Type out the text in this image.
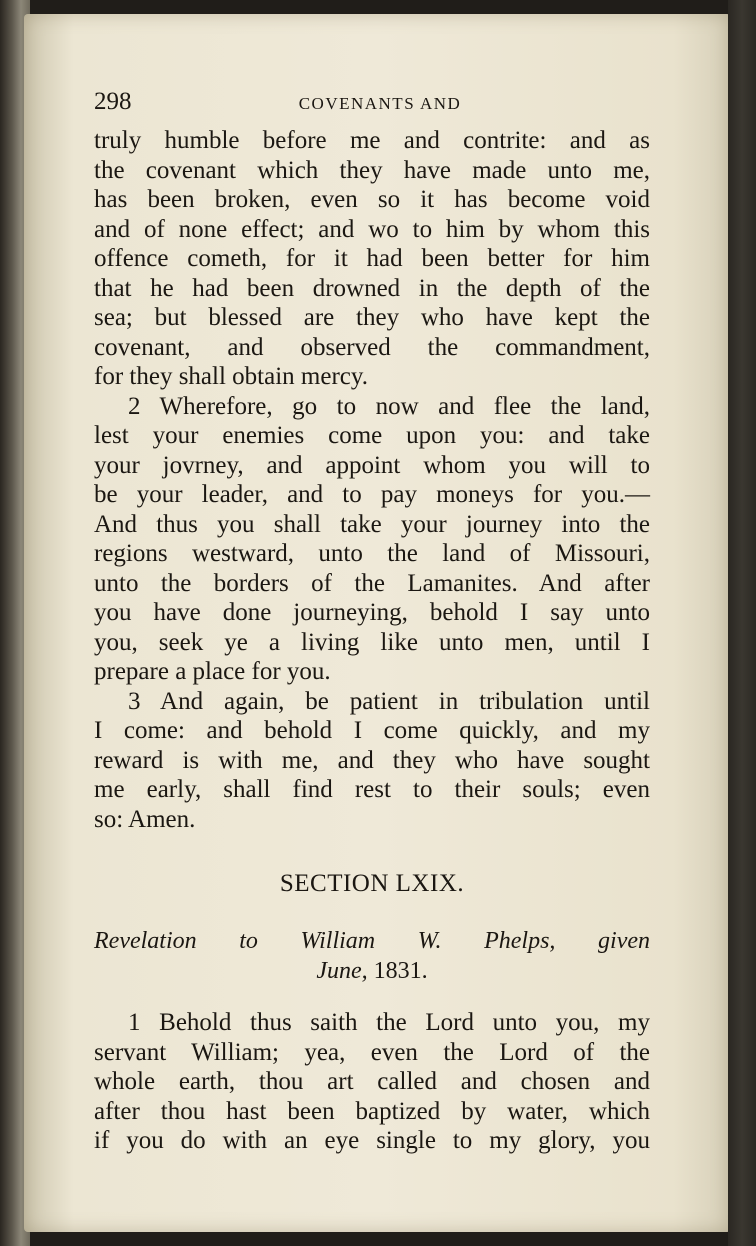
298	COVENANTS AND
truly humble before me and contrite: and as
the covenant which they have made unto me,
has been broken, even so it has become void
and of none effect; and wo to him by whom this
offence cometh, for it had been better for him
that he had been drowned in the depth of the
sea; but blessed are they who have kept the
covenant, and observed the commandment,
for they shall obtain mercy.
2 Wherefore, go to now and flee the land,
lest your enemies come upon you: and take
your jovrney, and appoint whom you will to
be your leader, and to pay moneys for you.—
And thus you shall take your journey into the
regions westward, unto the land of Missouri,
unto the borders of the Lamanites. And after
you have done journeying, behold I say unto
you, seek ye a living like unto men, until I
prepare a place for you.
3 And again, be patient in tribulation until
I come: and behold I come quickly, and my
reward is with me, and they who have sought
me early, shall find rest to their souls; even
so: Amen.
SECTION LXIX.
Revelation to William W. Phelps, given
June, 1831.
1 Behold thus saith the Lord unto you, my
servant William; yea, even the Lord of the
whole earth, thou art called and chosen and
after thou hast been baptized by water, which
if you do with an eye single to my glory, you
